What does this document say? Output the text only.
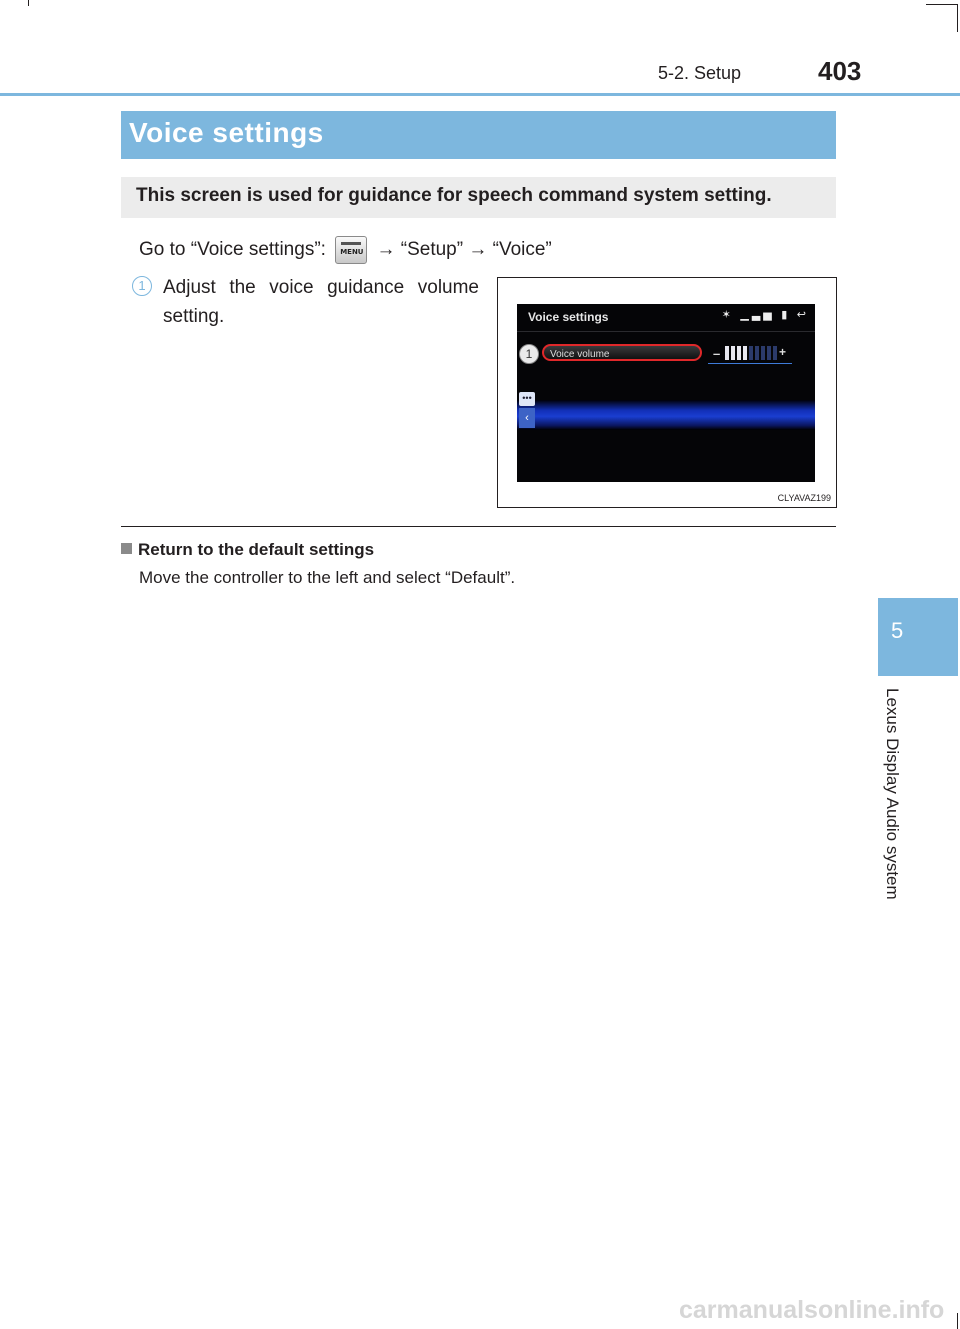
5-2. Setup	403
Voice settings
This screen is used for guidance for speech command system setting.
Go to “Voice settings”: MENU → “Setup” → “Voice”
1 Adjust the voice guidance volume setting.	Voice settings	✶ ▁▃▅ ▮ ↩
1	Voice volume	–	+
•••
‹
CLYAVAZ199
Return to the default settings
Move the controller to the left and select “Default”.
5
Lexus Display Audio system
carmanualsonline.info
